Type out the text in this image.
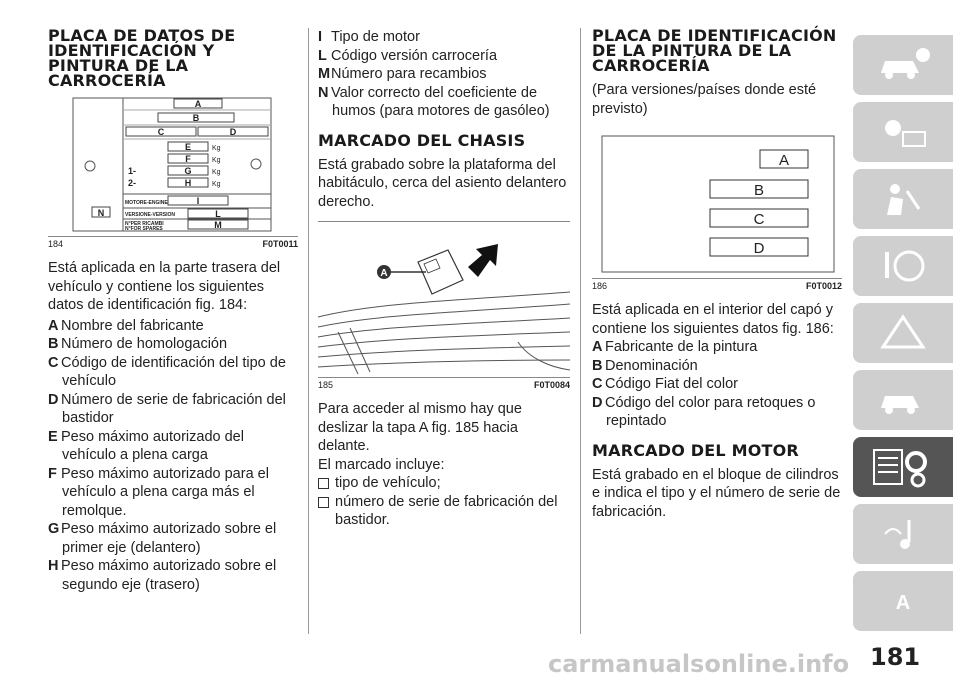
PLACA DE DATOS DE IDENTIFICACIÓN Y PINTURA DE LA CARROCERÍA
A
B
C	D
E	Kg
F	Kg
1-	G	Kg
2-	H	Kg
MOTORE-ENGINE	I
VERSIONE-VERSION	L
N°PER RICAMBI
N°FOR SPARES	M
N
184	F0T0011

Está aplicada en la parte trasera del vehículo y contiene los siguientes datos de identificación fig. 184:

A Nombre del fabricante
B Número de homologación
C Código de identificación del tipo de vehículo
D Número de serie de fabricación del bastidor
E Peso máximo autorizado del vehículo a plena carga
F Peso máximo autorizado para el vehículo a plena carga más el remolque.
G Peso máximo autorizado sobre el primer eje (delantero)
H Peso máximo autorizado sobre el segundo eje (trasero)
I Tipo de motor
L Código versión carrocería
MNúmero para recambios
N Valor correcto del coeficiente de humos (para motores de gasóleo)
MARCADO DEL CHASIS

Está grabado sobre la plataforma del habitáculo, cerca del asiento delantero derecho.

A
185	F0T0084

Para acceder al mismo hay que deslizar la tapa A fig. 185 hacia delante.

El marcado incluye:

tipo de vehículo;
número de serie de fabricación del bastidor.
PLACA DE IDENTIFICACIÓN DE LA PINTURA DE LA CARROCERÍA

(Para versiones/países donde esté previsto)

A
B
C
D
186	F0T0012

Está aplicada en el interior del capó y contiene los siguientes datos fig. 186:

A Fabricante de la pintura
B Denominación
C Código Fiat del color
D Código del color para retoques o repintado
MARCADO DEL MOTOR

Está grabado en el bloque de cilindros e indica el tipo y el número de serie de fabricación.

A
carmanualsonline.info 181
